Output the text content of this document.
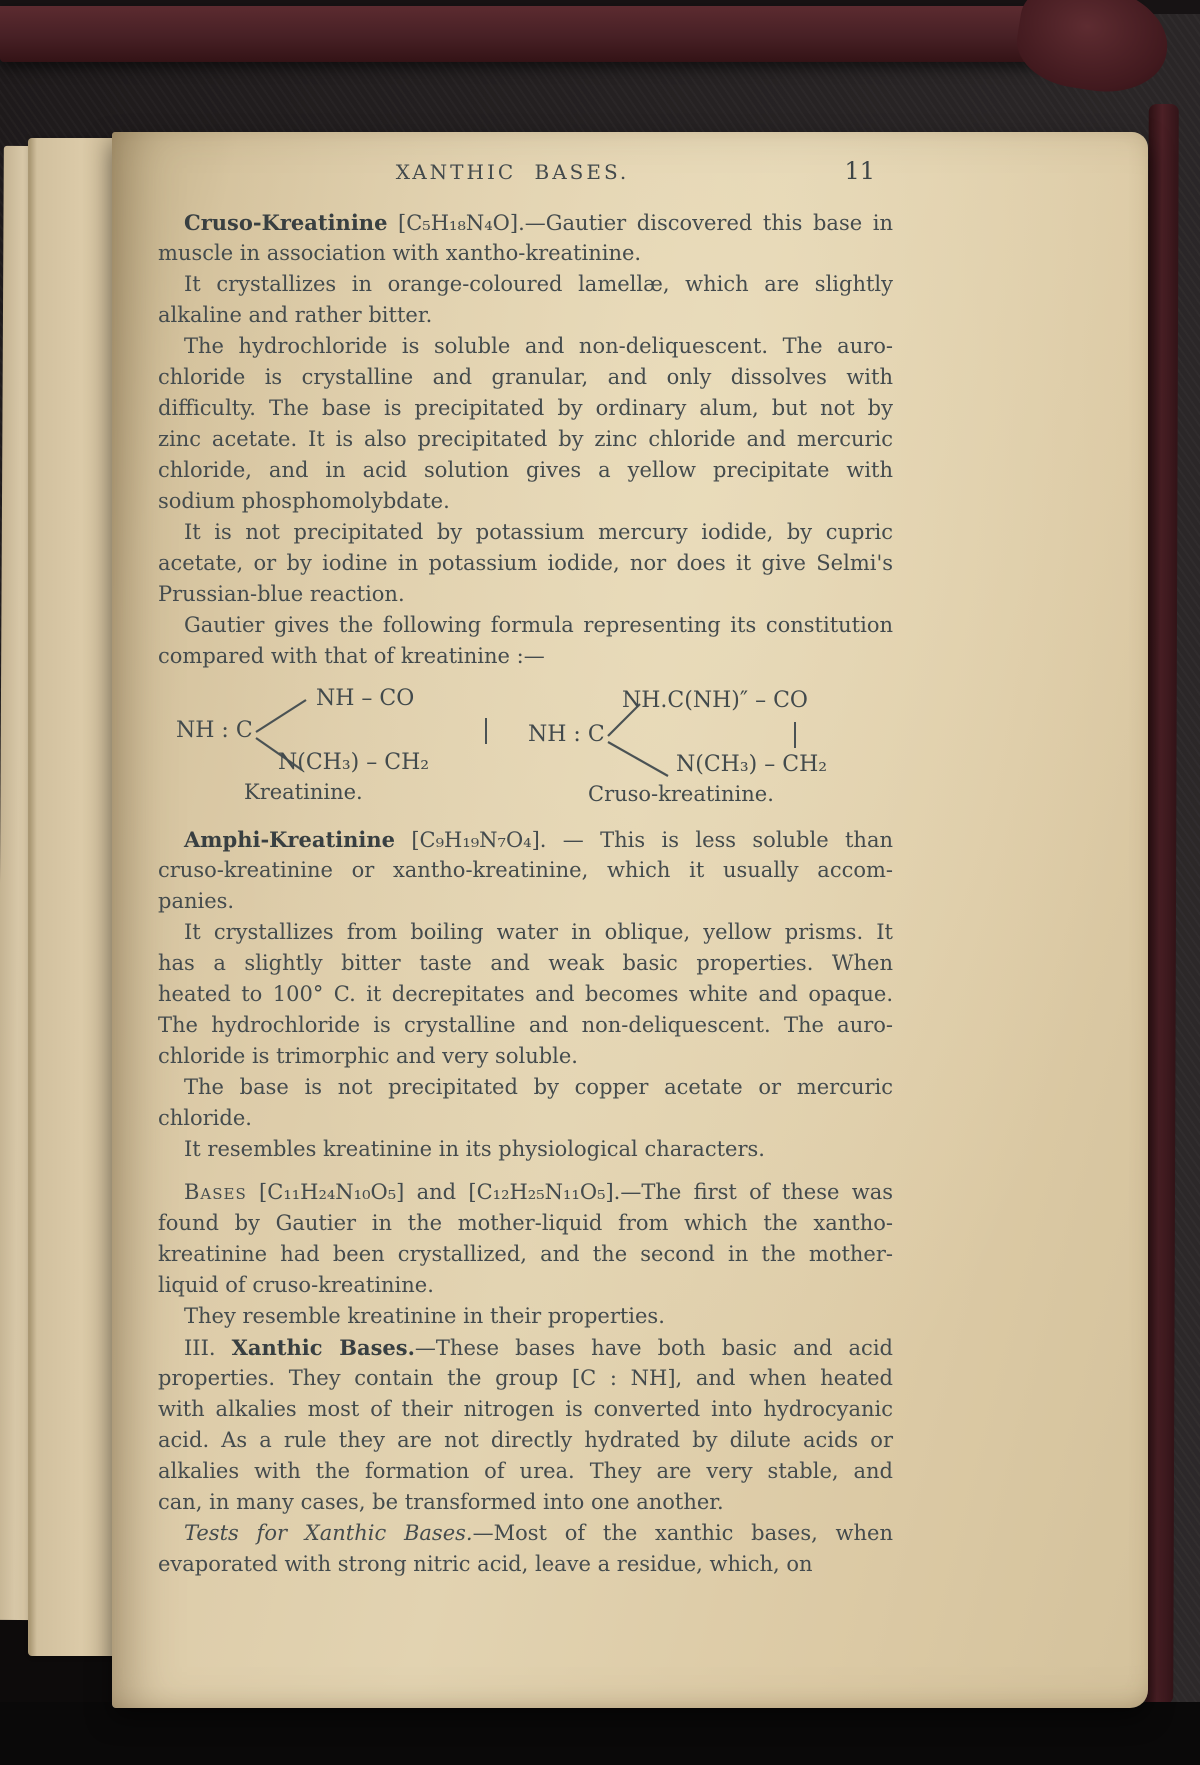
XANTHIC BASES.	11
Cruso-Kreatinine [C₅H₁₈N₄O].—Gautier discovered this base in
muscle in association with xantho-kreatinine.
It crystallizes in orange-coloured lamellæ, which are slightly
alkaline and rather bitter.
The hydrochloride is soluble and non-deliquescent. The auro-
chloride is crystalline and granular, and only dissolves with
difficulty. The base is precipitated by ordinary alum, but not by
zinc acetate. It is also precipitated by zinc chloride and mercuric
chloride, and in acid solution gives a yellow precipitate with
sodium phosphomolybdate.
It is not precipitated by potassium mercury iodide, by cupric
acetate, or by iodine in potassium iodide, nor does it give Selmi's
Prussian-blue reaction.
Gautier gives the following formula representing its constitution
compared with that of kreatinine :—
NH : C
NH – CO
N(CH₃) – CH₂
Kreatinine.
NH : C
NH.C(NH)″ – CO
N(CH₃) – CH₂
Cruso-kreatinine.
Amphi-Kreatinine [C₉H₁₉N₇O₄]. — This is less soluble than
cruso-kreatinine or xantho-kreatinine, which it usually accom-
panies.
It crystallizes from boiling water in oblique, yellow prisms. It
has a slightly bitter taste and weak basic properties. When
heated to 100° C. it decrepitates and becomes white and opaque.
The hydrochloride is crystalline and non-deliquescent. The auro-
chloride is trimorphic and very soluble.
The base is not precipitated by copper acetate or mercuric
chloride.
It resembles kreatinine in its physiological characters.
Bases [C₁₁H₂₄N₁₀O₅] and [C₁₂H₂₅N₁₁O₅].—The first of these was
found by Gautier in the mother-liquid from which the xantho-
kreatinine had been crystallized, and the second in the mother-
liquid of cruso-kreatinine.
They resemble kreatinine in their properties.
III. Xanthic Bases.—These bases have both basic and acid
properties. They contain the group [C : NH], and when heated
with alkalies most of their nitrogen is converted into hydrocyanic
acid. As a rule they are not directly hydrated by dilute acids or
alkalies with the formation of urea. They are very stable, and
can, in many cases, be transformed into one another.
Tests for Xanthic Bases.—Most of the xanthic bases, when
evaporated with strong nitric acid, leave a residue, which, on
